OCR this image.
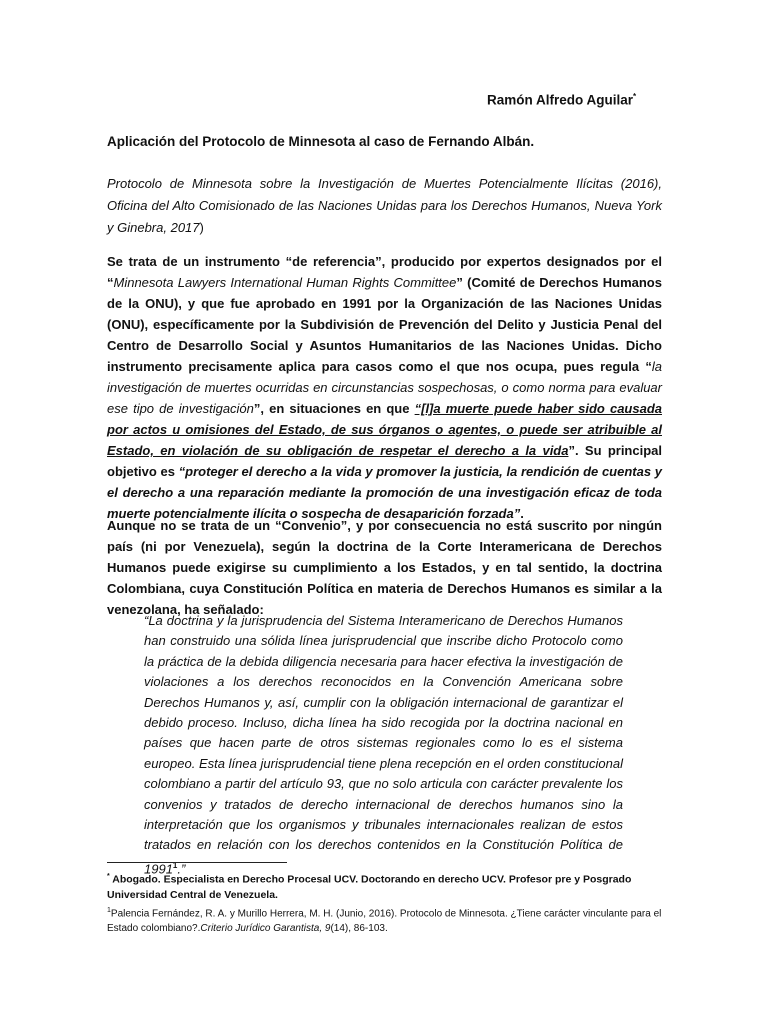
Ramón Alfredo Aguilar*
Aplicación del Protocolo de Minnesota al caso de Fernando Albán.
Protocolo de Minnesota sobre la Investigación de Muertes Potencialmente Ilícitas (2016), Oficina del Alto Comisionado de las Naciones Unidas para los Derechos Humanos, Nueva York y Ginebra, 2017)
Se trata de un instrumento “de referencia”, producido por expertos designados por el “Minnesota Lawyers International Human Rights Committee” (Comité de Derechos Humanos de la ONU), y que fue aprobado en 1991 por la Organización de las Naciones Unidas (ONU), específicamente por la Subdivisión de Prevención del Delito y Justicia Penal del Centro de Desarrollo Social y Asuntos Humanitarios de las Naciones Unidas. Dicho instrumento precisamente aplica para casos como el que nos ocupa, pues regula “la investigación de muertes ocurridas en circunstancias sospechosas, o como norma para evaluar ese tipo de investigación”, en situaciones en que “[l]a muerte puede haber sido causada por actos u omisiones del Estado, de sus órganos o agentes, o puede ser atribuible al Estado, en violación de su obligación de respetar el derecho a la vida”. Su principal objetivo es “proteger el derecho a la vida y promover la justicia, la rendición de cuentas y el derecho a una reparación mediante la promoción de una investigación eficaz de toda muerte potencialmente ilícita o sospecha de desaparición forzada”.
Aunque no se trata de un “Convenio”, y por consecuencia no está suscrito por ningún país (ni por Venezuela), según la doctrina de la Corte Interamericana de Derechos Humanos puede exigirse su cumplimiento a los Estados, y en tal sentido, la doctrina Colombiana, cuya Constitución Política en materia de Derechos Humanos es similar a la venezolana, ha señalado:
“La doctrina y la jurisprudencia del Sistema Interamericano de Derechos Humanos han construido una sólida línea jurisprudencial que inscribe dicho Protocolo como la práctica de la debida diligencia necesaria para hacer efectiva la investigación de violaciones a los derechos reconocidos en la Convención Americana sobre Derechos Humanos y, así, cumplir con la obligación internacional de garantizar el debido proceso. Incluso, dicha línea ha sido recogida por la doctrina nacional en países que hacen parte de otros sistemas regionales como lo es el sistema europeo. Esta línea jurisprudencial tiene plena recepción en el orden constitucional colombiano a partir del artículo 93, que no solo articula con carácter prevalente los convenios y tratados de derecho internacional de derechos humanos sino la interpretación que los organismos y tribunales internacionales realizan de estos tratados en relación con los derechos contenidos en la Constitución Política de 1991$^1$.”
* Abogado. Especialista en Derecho Procesal UCV. Doctorando en derecho UCV. Profesor pre y Posgrado Universidad Central de Venezuela.
$^1$Palencia Fernández, R. A. y Murillo Herrera, M. H. (Junio, 2016). Protocolo de Minnesota. ¿Tiene carácter vinculante para el Estado colombiano?.Criterio Jurídico Garantista, 9(14), 86-103.
